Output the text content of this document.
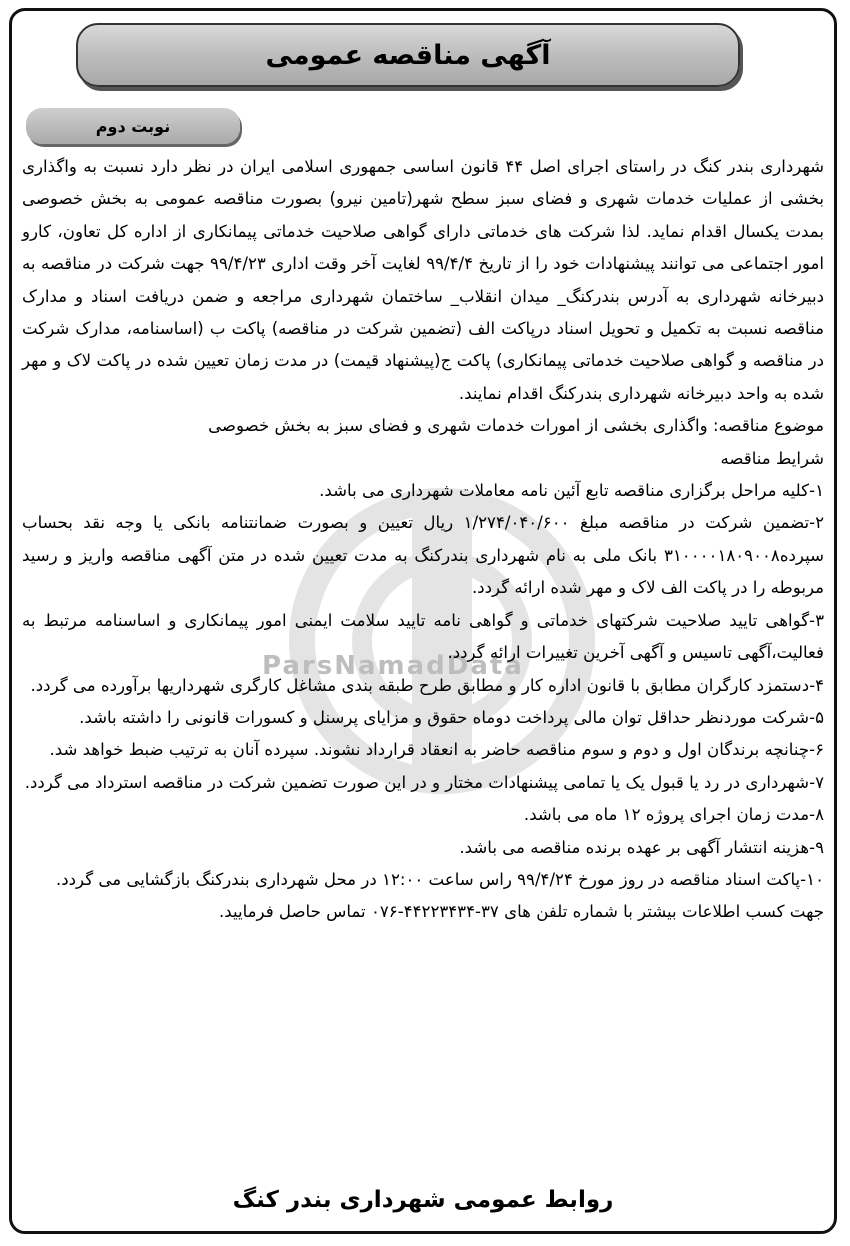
آگهی مناقصه عمومی
نوبت دوم
ParsNamadData

شهرداری بندر کنگ در راستای اجرای اصل ۴۴ قانون اساسی جمهوری اسلامی ایران در نظر دارد نسبت به واگذاری بخشی از عملیات خدمات شهری و فضای سبز سطح شهر(تامین نیرو) بصورت مناقصه عمومی به بخش خصوصی بمدت یکسال اقدام نماید. لذا شرکت های خدماتی دارای گواهی صلاحیت خدماتی پیمانکاری از اداره کل تعاون، کارو امور اجتماعی می توانند پیشنهادات خود را از تاریخ ۹۹/۴/۴ لغایت آخر وقت اداری ۹۹/۴/۲۳ جهت شرکت در مناقصه به دبیرخانه شهرداری به آدرس بندرکنگ_ میدان انقلاب_ ساختمان شهرداری مراجعه و ضمن دریافت اسناد و مدارک مناقصه نسبت به تکمیل و تحویل اسناد درپاکت الف (تضمین شرکت در مناقصه) پاکت ب (اساسنامه، مدارک شرکت در مناقصه و گواهی صلاحیت خدماتی پیمانکاری) پاکت ج(پیشنهاد قیمت) در مدت زمان تعیین شده در پاکت لاک و مهر شده به واحد دبیرخانه شهرداری بندرکنگ اقدام نمایند.

موضوع مناقصه: واگذاری بخشی از امورات خدمات شهری و فضای سبز به بخش خصوصی

شرایط مناقصه

۱-کلیه مراحل برگزاری مناقصه تابع آئین نامه معاملات شهرداری می باشد.

۲-تضمین شرکت در مناقصه مبلغ ۱/۲۷۴/۰۴۰/۶۰۰ ریال تعیین و بصورت ضمانتنامه بانکی یا وجه نقد بحساب سپرده۳۱۰۰۰۰۱۸۰۹۰۰۸ بانک ملی به نام شهرداری بندرکنگ به مدت تعیین شده در متن آگهی مناقصه واریز و رسید مربوطه را در پاکت الف لاک و مهر شده ارائه گردد.

۳-گواهی تایید صلاحیت شرکتهای خدماتی و گواهی نامه تایید سلامت ایمنی امور پیمانکاری و اساسنامه مرتبط به فعالیت،آگهی تاسیس و آگهی آخرین تغییرات ارائه گردد.

۴-دستمزد کارگران مطابق با قانون اداره کار و مطابق طرح طبقه بندی مشاغل کارگری شهرداریها برآورده می گردد.

۵-شرکت موردنظر حداقل توان مالی پرداخت دوماه حقوق و مزایای پرسنل و کسورات قانونی را داشته باشد.

۶-چنانچه برندگان اول و دوم و سوم مناقصه حاضر به انعقاد قرارداد نشوند. سپرده آنان به ترتیب ضبط خواهد شد.

۷-شهرداری در رد یا قبول یک یا تمامی پیشنهادات مختار و در این صورت تضمین شرکت در مناقصه استرداد می گردد.

۸-مدت زمان اجرای پروژه ۱۲ ماه می باشد.

۹-هزینه انتشار آگهی بر عهده برنده مناقصه می باشد.

۱۰-پاکت اسناد مناقصه در روز مورخ ۹۹/۴/۲۴ راس ساعت ۱۲:۰۰ در محل شهرداری بندرکنگ بازگشایی می گردد.

جهت کسب اطلاعات بیشتر با شماره تلفن های ۳۷-۴۴۲۲۳۴۳۴-۰۷۶ تماس حاصل فرمایید.

روابط عمومی شهرداری بندر کنگ
